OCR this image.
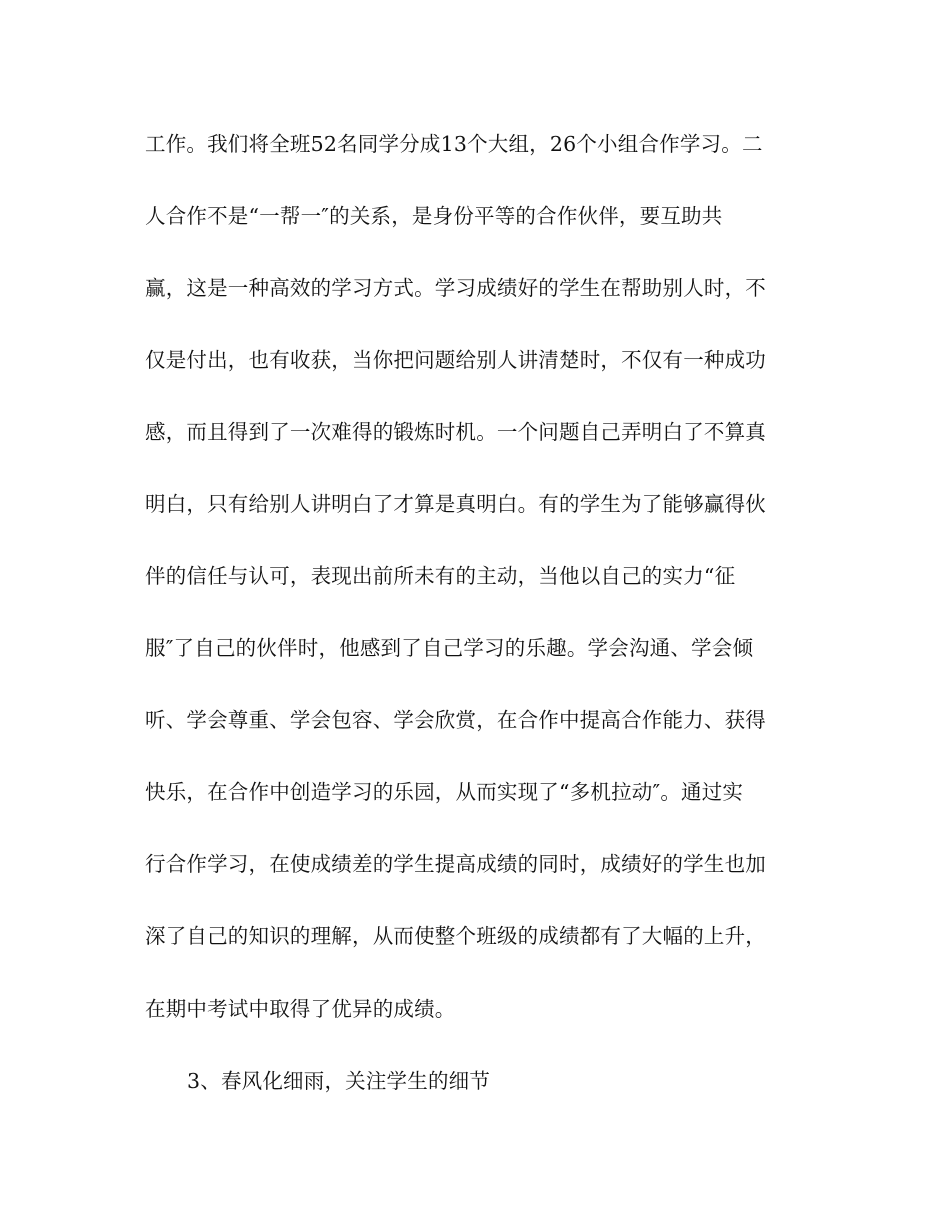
工作。我们将全班52名同学分成13个大组，26个小组合作学习。二
人合作不是“一帮一″的关系，是身份平等的合作伙伴，要互助共
赢，这是一种高效的学习方式。学习成绩好的学生在帮助别人时，不
仅是付出，也有收获，当你把问题给别人讲清楚时，不仅有一种成功
感，而且得到了一次难得的锻炼时机。一个问题自己弄明白了不算真
明白，只有给别人讲明白了才算是真明白。有的学生为了能够赢得伙
伴的信任与认可，表现出前所未有的主动，当他以自己的实力“征
服″了自己的伙伴时，他感到了自己学习的乐趣。学会沟通、学会倾
听、学会尊重、学会包容、学会欣赏，在合作中提高合作能力、获得
快乐，在合作中创造学习的乐园，从而实现了“多机拉动″。通过实
行合作学习，在使成绩差的学生提高成绩的同时，成绩好的学生也加
深了自己的知识的理解，从而使整个班级的成绩都有了大幅的上升，
在期中考试中取得了优异的成绩。
3、春风化细雨，关注学生的细节
